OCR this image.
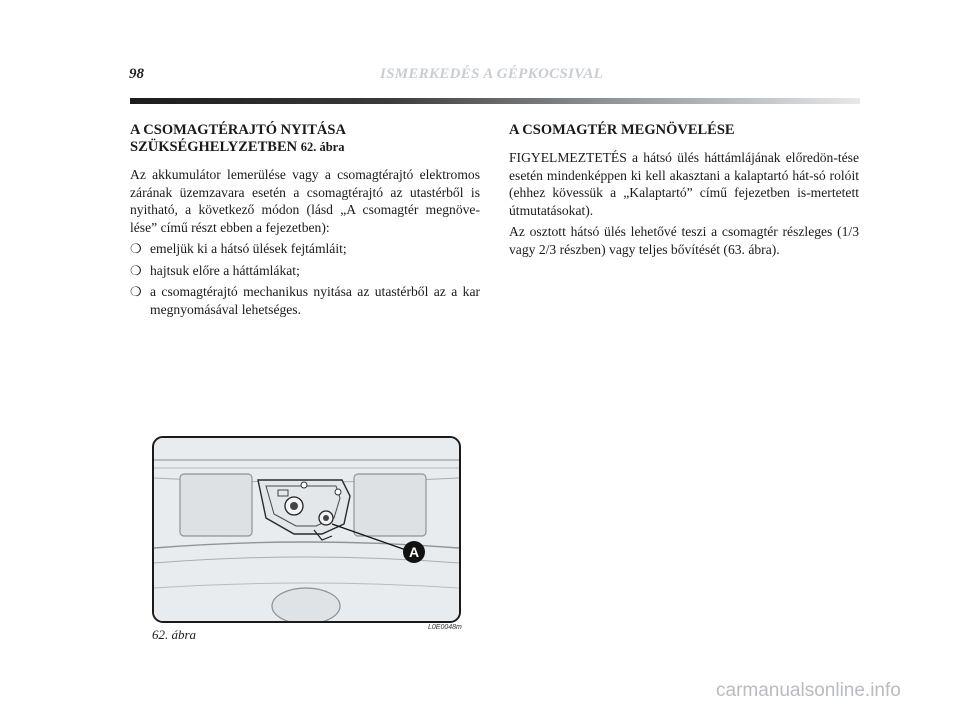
98	ISMERKEDÉS A GÉPKOCSIVAL
A CSOMAGTÉRAJTÓ NYITÁSA SZÜKSÉGHELYZETBEN 62. ábra

Az akkumulátor lemerülése vagy a csomagtérajtó elektromos zárának üzemzavara esetén a csomagtérajtó az utastérből is nyitható, a következő módon (lásd „A csomagtér megnöve-lése” című részt ebben a fejezetben):

❍ emeljük ki a hátsó ülések fejtámláit;
❍ hajtsuk előre a háttámlákat;
❍ a csomagtérajtó mechanikus nyitása az utastérből az a kar megnyomásával lehetséges.
A CSOMAGTÉR MEGNÖVELÉSE

FIGYELMEZTETÉS a hátsó ülés háttámlájának előredön-tése esetén mindenképpen ki kell akasztani a kalaptartó hát-só rolóit (ehhez kövessük a „Kalaptartó” című fejezetben is-mertetett útmutatásokat).

Az osztott hátsó ülés lehetővé teszi a csomagtér részleges (1/3 vagy 2/3 részben) vagy teljes bővítését (63. ábra).

A
62. ábra	L0E0048m
carmanualsonline.info
